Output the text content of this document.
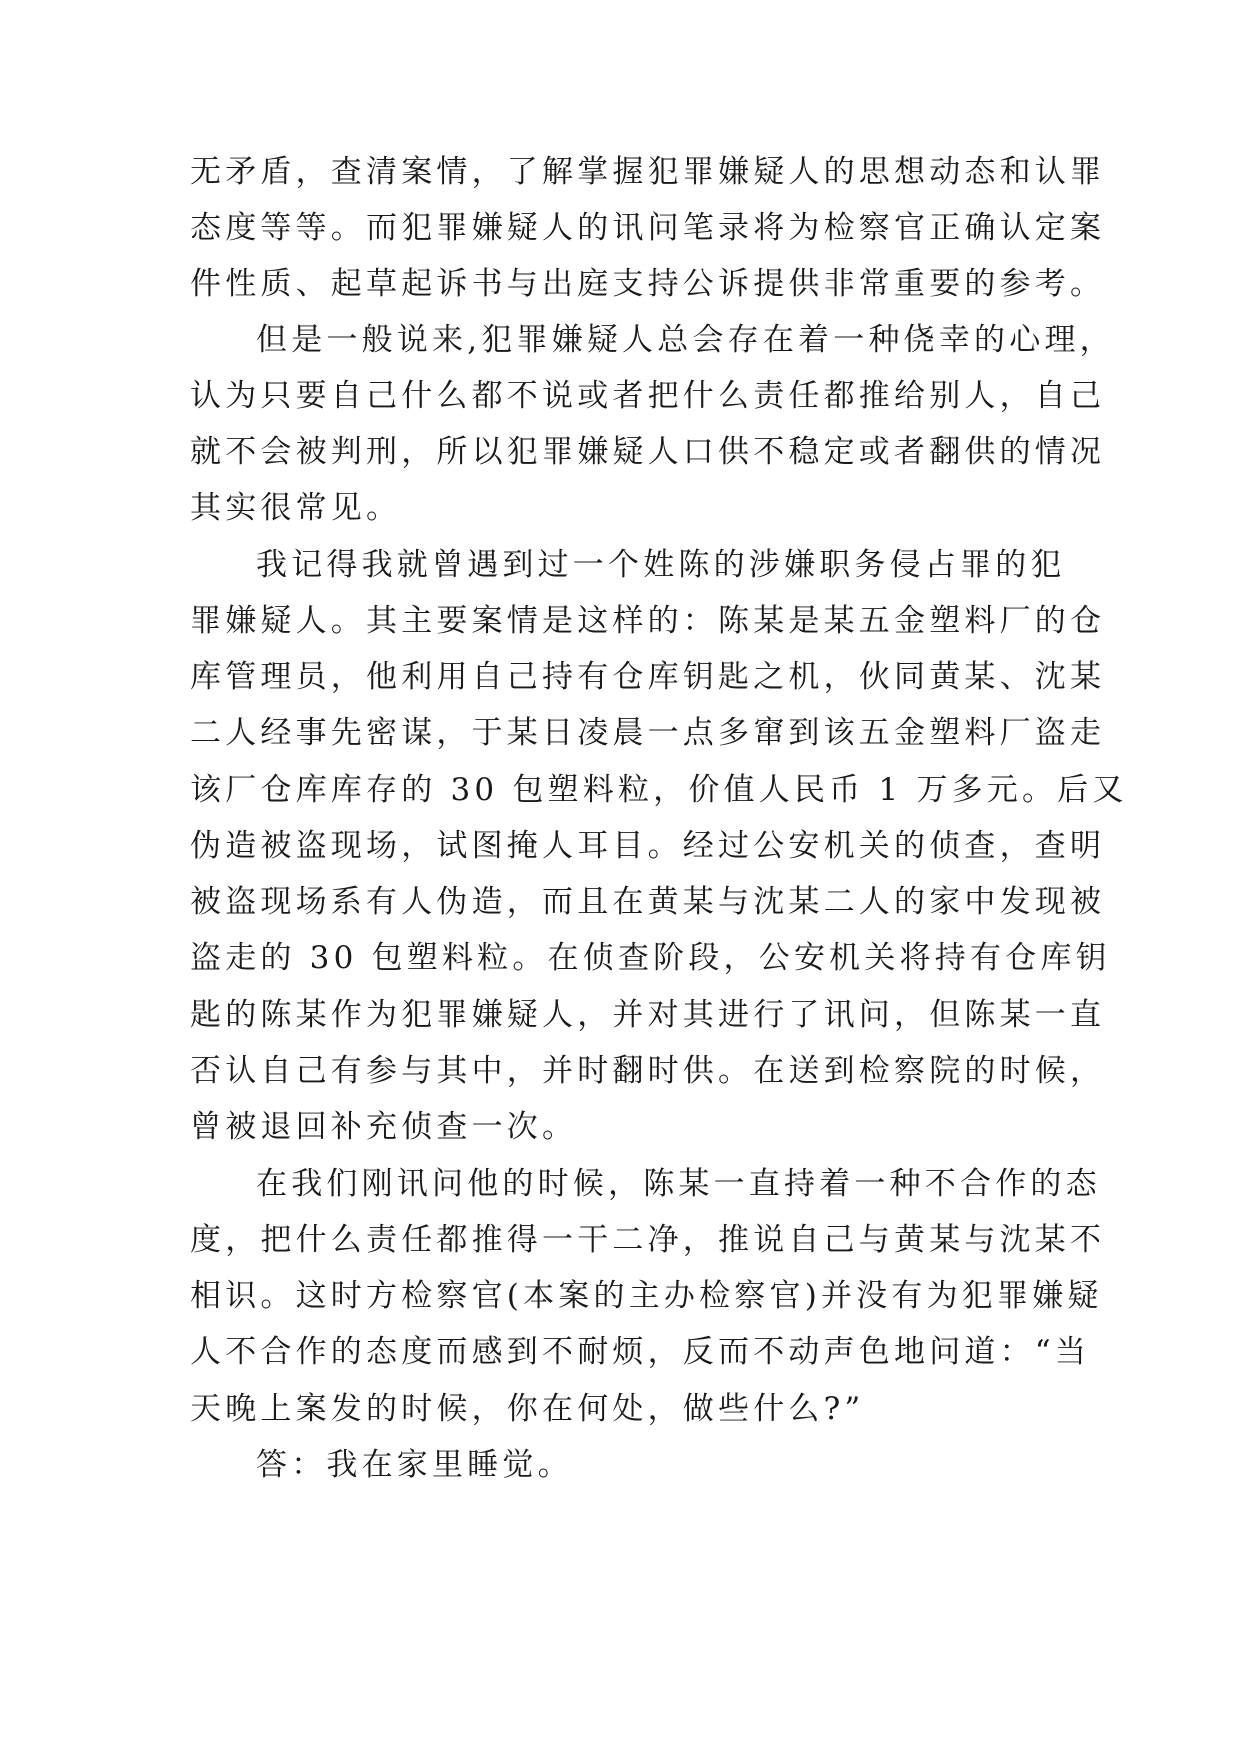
无矛盾，查清案情，了解掌握犯罪嫌疑人的思想动态和认罪

态度等等。而犯罪嫌疑人的讯问笔录将为检察官正确认定案

件性质、起草起诉书与出庭支持公诉提供非常重要的参考。

但是一般说来,犯罪嫌疑人总会存在着一种侥幸的心理，

认为只要自己什么都不说或者把什么责任都推给别人，自己

就不会被判刑，所以犯罪嫌疑人口供不稳定或者翻供的情况

其实很常见。

我记得我就曾遇到过一个姓陈的涉嫌职务侵占罪的犯

罪嫌疑人。其主要案情是这样的：陈某是某五金塑料厂的仓

库管理员，他利用自己持有仓库钥匙之机，伙同黄某、沈某

二人经事先密谋，于某日凌晨一点多窜到该五金塑料厂盗走

该厂仓库库存的 30 包塑料粒，价值人民币 1 万多元。后又

伪造被盗现场，试图掩人耳目。经过公安机关的侦查，查明

被盗现场系有人伪造，而且在黄某与沈某二人的家中发现被

盗走的 30 包塑料粒。在侦查阶段，公安机关将持有仓库钥

匙的陈某作为犯罪嫌疑人，并对其进行了讯问，但陈某一直

否认自己有参与其中，并时翻时供。在送到检察院的时候，

曾被退回补充侦查一次。

在我们刚讯问他的时候，陈某一直持着一种不合作的态

度，把什么责任都推得一干二净，推说自己与黄某与沈某不

相识。这时方检察官(本案的主办检察官)并没有为犯罪嫌疑

人不合作的态度而感到不耐烦，反而不动声色地问道：“当

天晚上案发的时候，你在何处，做些什么?”

答：我在家里睡觉。
